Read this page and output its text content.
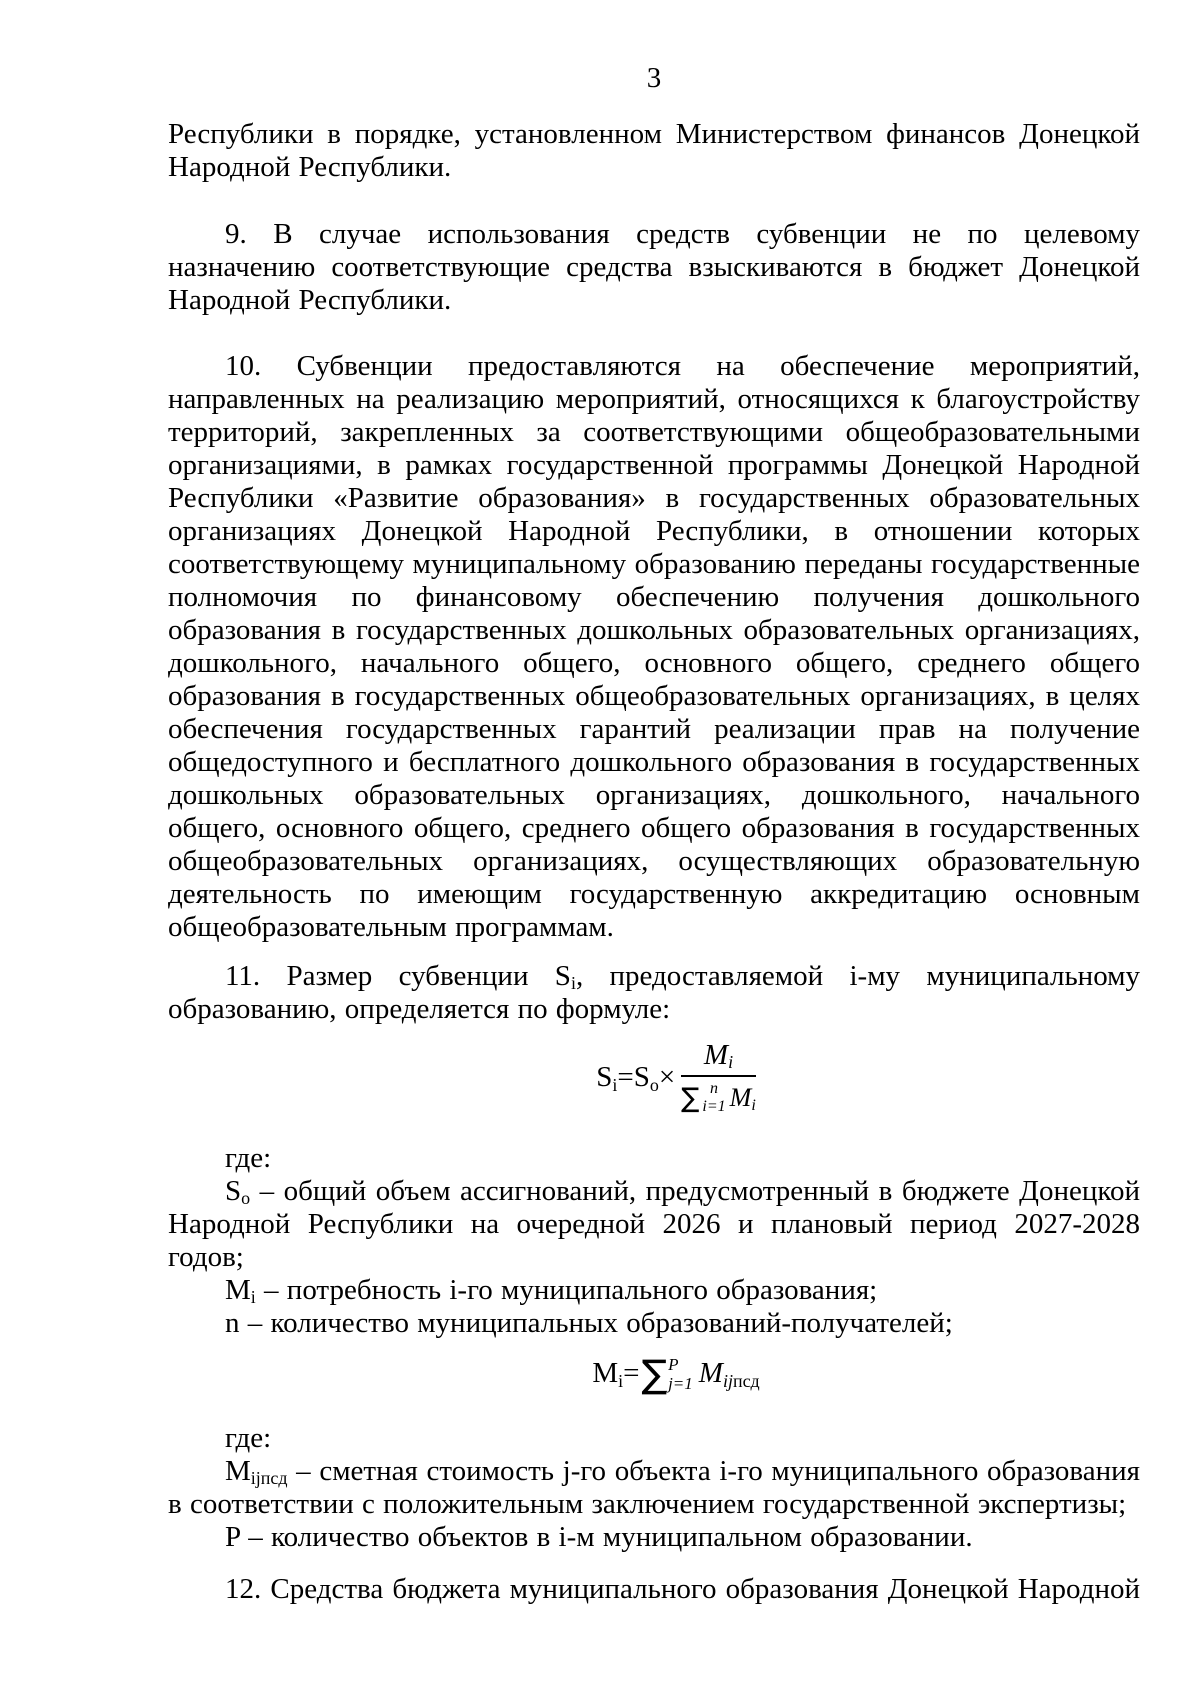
3

Республики в порядке, установленном Министерством финансов Донецкой Народной Республики.

9. В случае использования средств субвенции не по целевому назначению соответствующие средства взыскиваются в бюджет Донецкой Народной Республики.

10. Субвенции предоставляются на обеспечение мероприятий, направленных на реализацию мероприятий, относящихся к благоустройству территорий, закрепленных за соответствующими общеобразовательными организациями, в рамках государственной программы Донецкой Народной Республики «Развитие образования» в государственных образовательных организациях Донецкой Народной Республики, в отношении которых соответствующему муниципальному образованию переданы государственные полномочия по финансовому обеспечению получения дошкольного образования в государственных дошкольных образовательных организациях, дошкольного, начального общего, основного общего, среднего общего образования в государственных общеобразовательных организациях, в целях обеспечения государственных гарантий реализации прав на получение общедоступного и бесплатного дошкольного образования в государственных дошкольных образовательных организациях, дошкольного, начального общего, основного общего, среднего общего образования в государственных общеобразовательных организациях, осуществляющих образовательную деятельность по имеющим государственную аккредитацию основным общеобразовательным программам.

11. Размер субвенции $S_i$, предоставляемой i-му муниципальному образованию, определяется по формуле:

$S_i=S_o\times M_i$
∑ n
i=1 $M_i$

где:

$S_o$ – общий объем ассигнований, предусмотренный в бюджете Донецкой Народной Республики на очередной 2026 и плановый период 2027-2028 годов;

$M_i$ – потребность i-го муниципального образования;

n – количество муниципальных образований-получателей;

$M_i=$ ∑ P
j=1 $M_{ijпсд}$

где:

$M_{ijпсд}$ – сметная стоимость j-го объекта i-го муниципального образования в соответствии с положительным заключением государственной экспертизы;

P – количество объектов в i-м муниципальном образовании.

12. Средства бюджета муниципального образования Донецкой Народной
